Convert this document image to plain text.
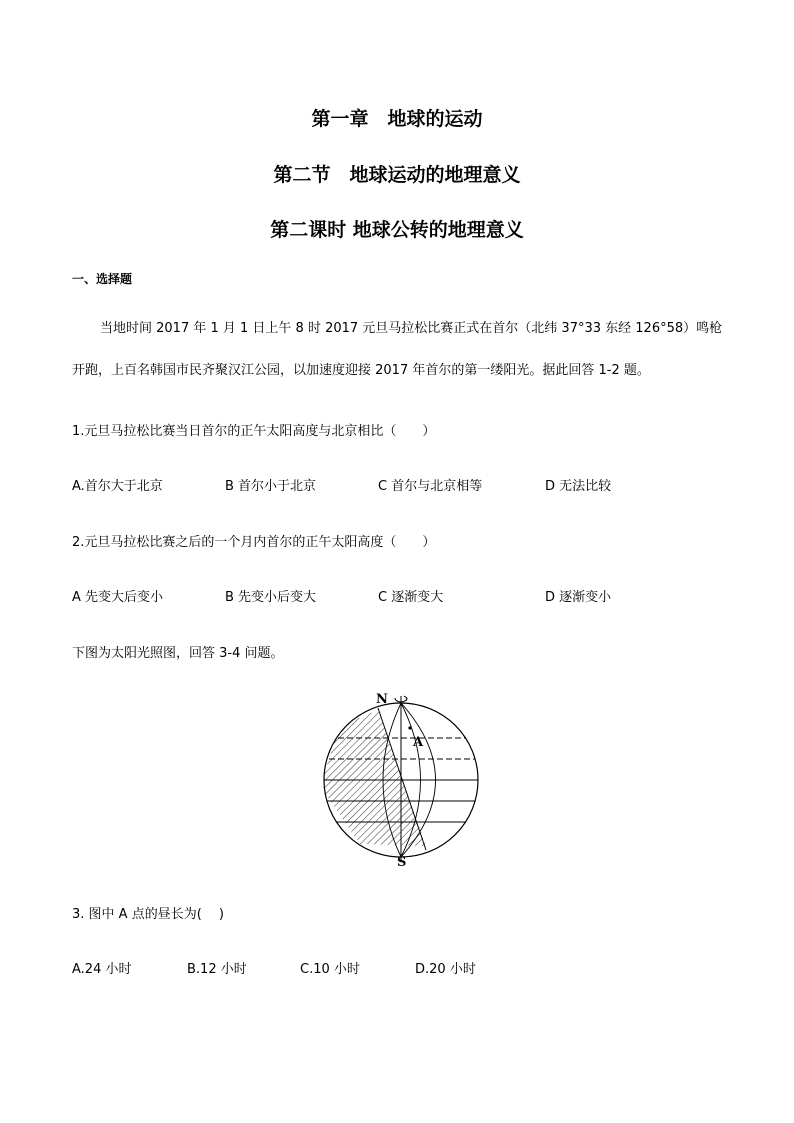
第一章　地球的运动
第二节　地球运动的地理意义
第二课时 地球公转的地理意义
一、选择题
当地时间 2017 年 1 月 1 日上午 8 时 2017 元旦马拉松比赛正式在首尔（北纬 37°33 东经 126°58）鸣枪
开跑，上百名韩国市民齐聚汉江公园，以加速度迎接 2017 年首尔的第一缕阳光。据此回答 1-2 题。
1.元旦马拉松比赛当日首尔的正午太阳高度与北京相比（　　）
A.首尔大于北京	B 首尔小于北京	C 首尔与北京相等	D 无法比较
2.元旦马拉松比赛之后的一个月内首尔的正午太阳高度（　　）
A 先变大后变小	B 先变小后变大	C 逐渐变大	D 逐渐变小
下图为太阳光照图，回答 3-4 问题。
N
A
S
3. 图中 A 点的昼长为(　 )
A.24 小时	B.12 小时	C.10 小时	D.20 小时
